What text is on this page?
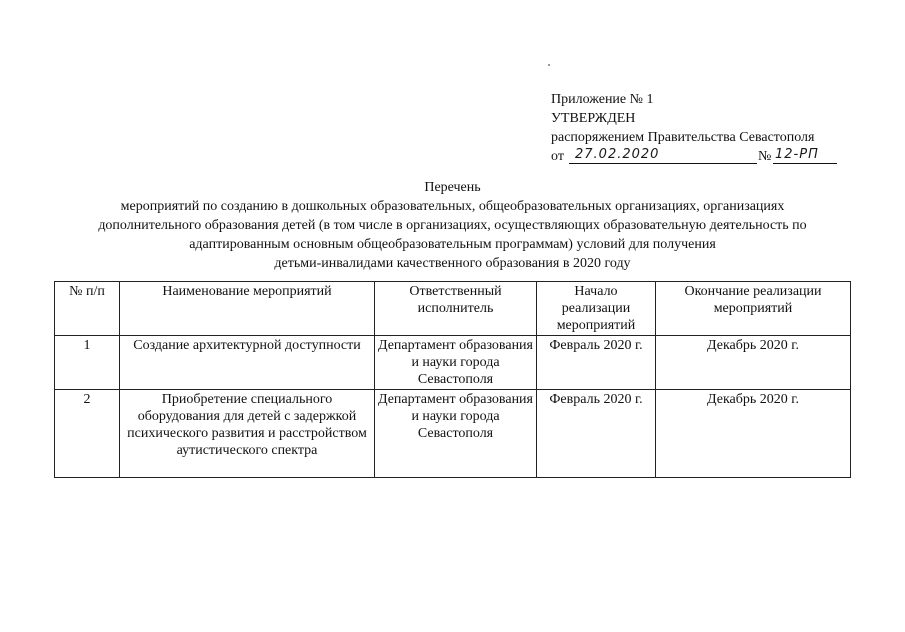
Приложение № 1
УТВЕРЖДЕН
распоряжением Правительства Севастополя
от 27.02.2020	№ 12-РП
Перечень
мероприятий по созданию в дошкольных образовательных, общеобразовательных организациях, организациях
дополнительного образования детей (в том числе в организациях, осуществляющих образовательную деятельность по
адаптированным основным общеобразовательным программам) условий для получения
детьми-инвалидами качественного образования в 2020 году
№ п/п	Наименование мероприятий	Ответственный исполнитель	Начало реализации мероприятий	Окончание реализации мероприятий
1	Создание архитектурной доступности	Департамент образования и науки города Севастополя	Февраль 2020 г.	Декабрь 2020 г.
2	Приобретение специального оборудования для детей с задержкой психического развития и расстройством аутистического спектра	Департамент образования и науки города Севастополя	Февраль 2020 г.	Декабрь 2020 г.
